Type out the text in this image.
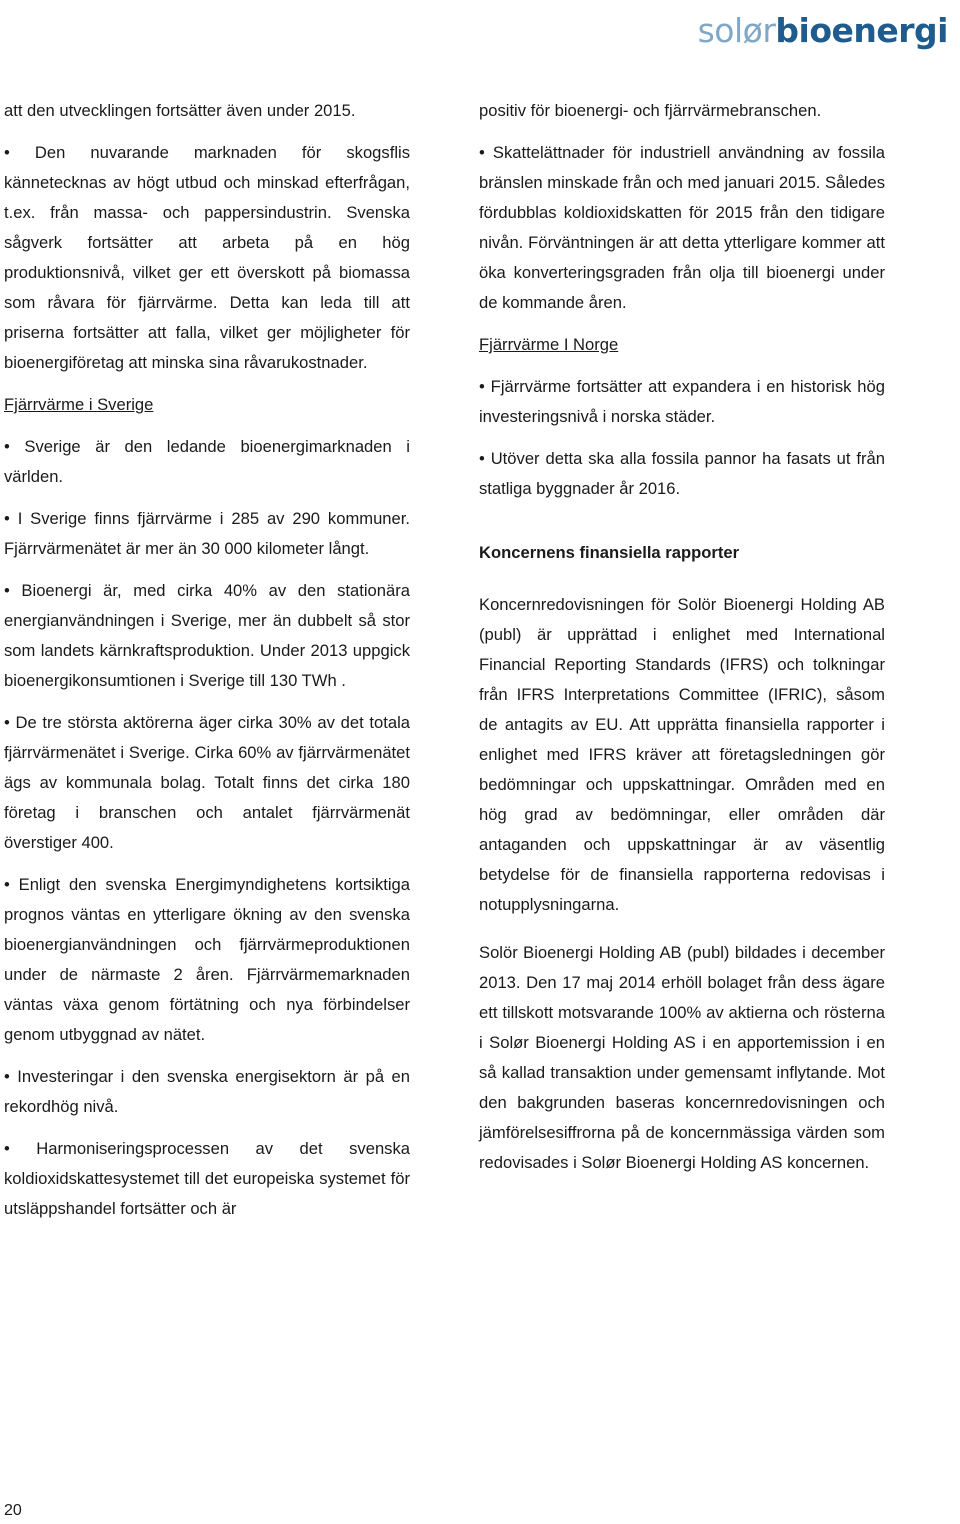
solør bioenergi

att den utvecklingen fortsätter även under 2015.

• Den nuvarande marknaden för skogsflis kännetecknas av högt utbud och minskad efterfrågan, t.ex. från massa- och pappersindustrin. Svenska sågverk fortsätter att arbeta på en hög produktionsnivå, vilket ger ett överskott på biomassa som råvara för fjärrvärme. Detta kan leda till att priserna fortsätter att falla, vilket ger möjligheter för bioenergiföretag att minska sina råvarukostnader.

Fjärrvärme i Sverige

• Sverige är den ledande bioenergimarknaden i världen.

• I Sverige finns fjärrvärme i 285 av 290 kommuner. Fjärrvärmenätet är mer än 30 000 kilometer långt.

• Bioenergi är, med cirka 40% av den stationära energianvändningen i Sverige, mer än dubbelt så stor som landets kärnkraftsproduktion. Under 2013 uppgick bioenergikonsumtionen i Sverige till 130 TWh .

• De tre största aktörerna äger cirka 30% av det totala fjärrvärmenätet i Sverige. Cirka 60% av fjärrvärmenätet ägs av kommunala bolag. Totalt finns det cirka 180 företag i branschen och antalet fjärrvärmenät överstiger 400.

• Enligt den svenska Energimyndighetens kortsiktiga prognos väntas en ytterligare ökning av den svenska bioenergianvändningen och fjärrvärmeproduktionen under de närmaste 2 åren. Fjärrvärmemarknaden väntas växa genom förtätning och nya förbindelser genom utbyggnad av nätet.

• Investeringar i den svenska energisektorn är på en rekordhög nivå.

• Harmoniseringsprocessen av det svenska koldioxidskattesystemet till det europeiska systemet för utsläppshandel fortsätter och är

positiv för bioenergi- och fjärrvärmebranschen.

• Skattelättnader för industriell användning av fossila bränslen minskade från och med januari 2015. Således fördubblas koldioxidskatten för 2015 från den tidigare nivån. Förväntningen är att detta ytterligare kommer att öka konverteringsgraden från olja till bioenergi under de kommande åren.

Fjärrvärme I Norge

• Fjärrvärme fortsätter att expandera i en historisk hög investeringsnivå i norska städer.

• Utöver detta ska alla fossila pannor ha fasats ut från statliga byggnader år 2016.

Koncernens finansiella rapporter

Koncernredovisningen för Solör Bioenergi Holding AB (publ) är upprättad i enlighet med International Financial Reporting Standards (IFRS) och tolkningar från IFRS Interpretations Committee (IFRIC), såsom de antagits av EU. Att upprätta finansiella rapporter i enlighet med IFRS kräver att företagsledningen gör bedömningar och uppskattningar. Områden med en hög grad av bedömningar, eller områden där antaganden och uppskattningar är av väsentlig betydelse för de finansiella rapporterna redovisas i notupplysningarna.

Solör Bioenergi Holding AB (publ) bildades i december 2013. Den 17 maj 2014 erhöll bolaget från dess ägare ett tillskott motsvarande 100% av aktierna och rösterna i Solør Bioenergi Holding AS i en apportemission i en så kallad transaktion under gemensamt inflytande. Mot den bakgrunden baseras koncernredovisningen och jämförelsesiffrorna på de koncernmässiga värden som redovisades i Solør Bioenergi Holding AS koncernen.

20
